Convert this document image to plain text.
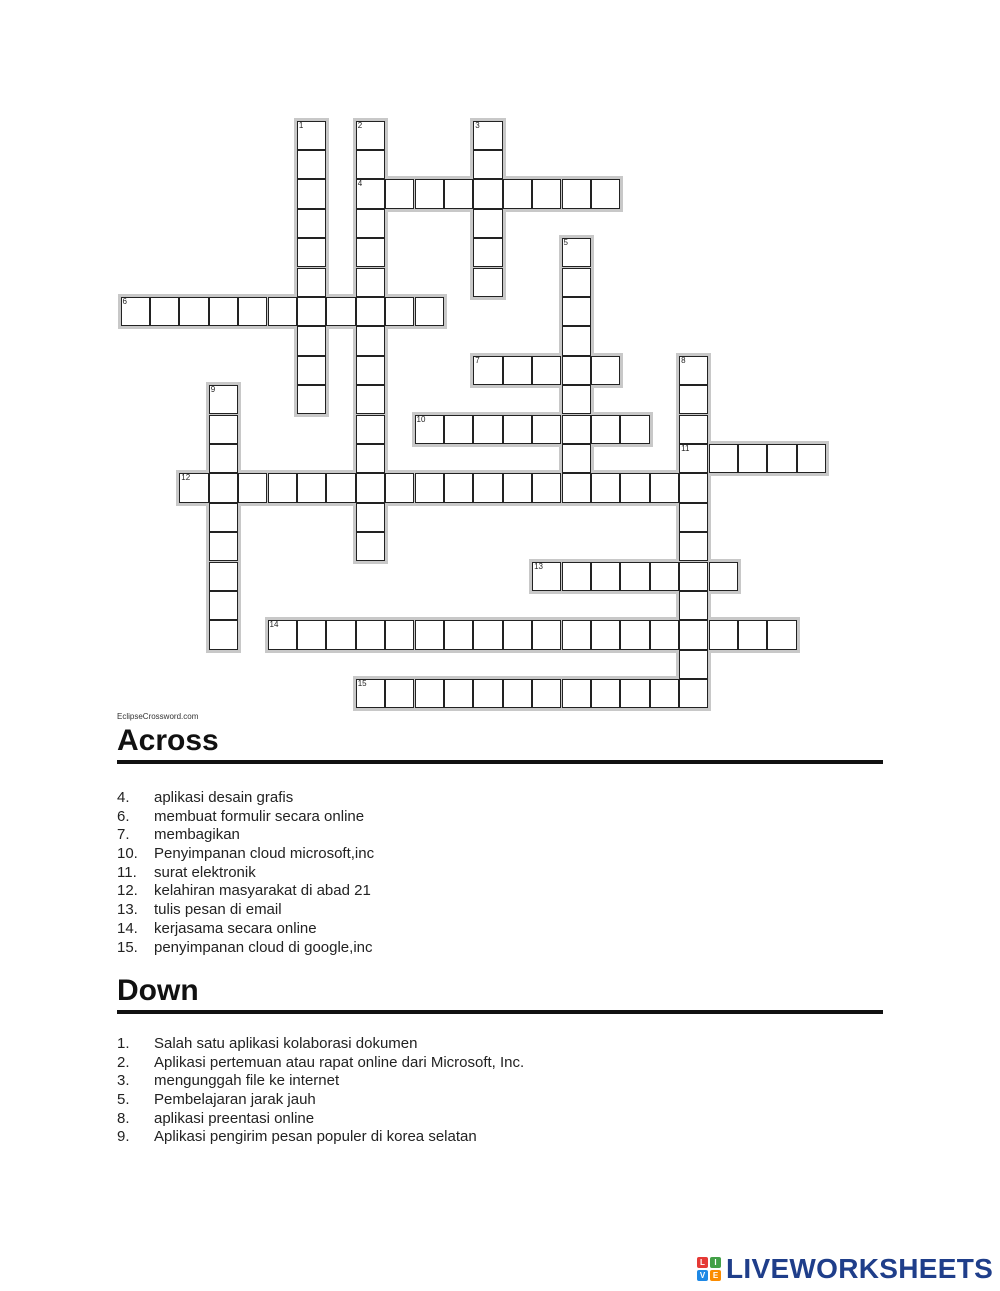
1	2
4
3
5
6
7	8
11
9
10
12
13
14
15
EclipseCrossword.com
Across
4. aplikasi desain grafis
6. membuat formulir secara online
7. membagikan
10. Penyimpanan cloud microsoft,inc
11. surat elektronik
12. kelahiran masyarakat di abad 21
13. tulis pesan di email
14. kerjasama secara online
15. penyimpanan cloud di google,inc
Down
1. Salah satu aplikasi kolaborasi dokumen
2. Aplikasi pertemuan atau rapat online dari Microsoft, Inc.
3. mengunggah file ke internet
5. Pembelajaran jarak jauh
8. aplikasi preentasi online
9. Aplikasi pengirim pesan populer di korea selatan
L	I
V E LIVEWORKSHEETS
